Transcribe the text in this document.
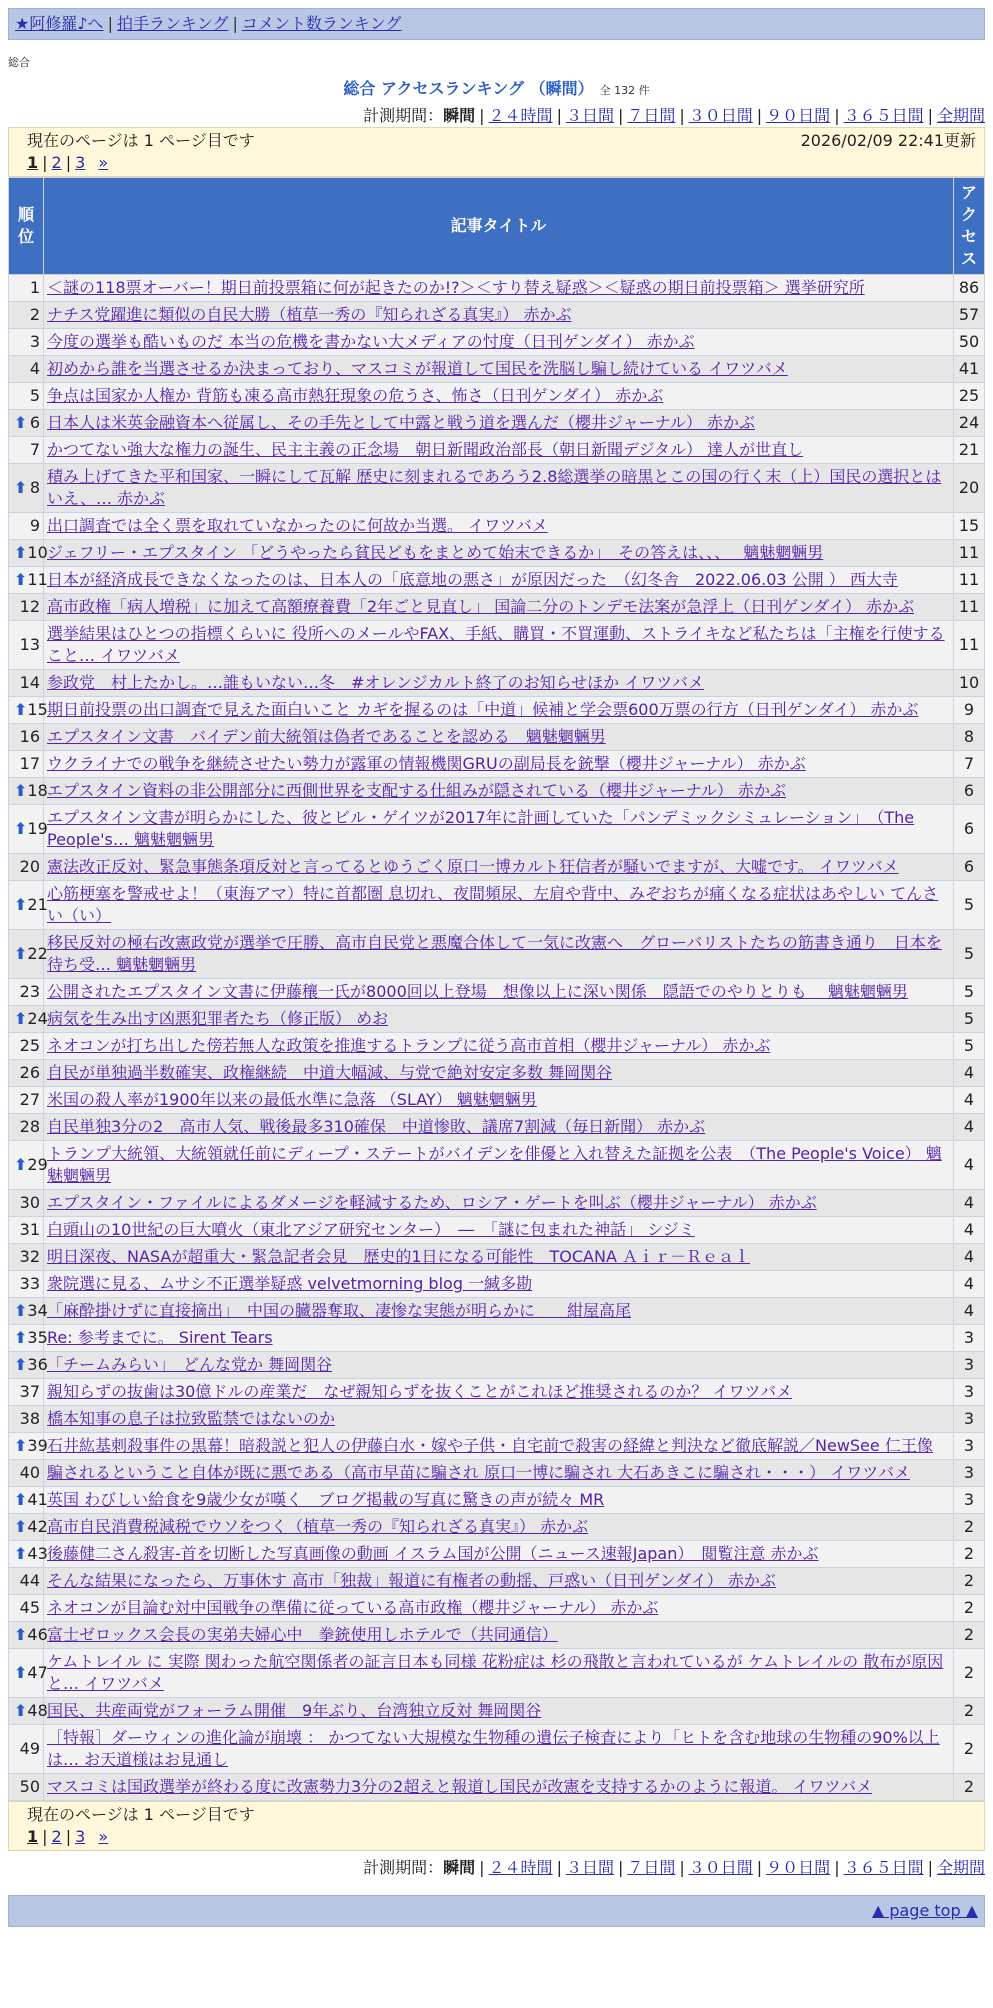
★阿修羅♪へ | 拍手ランキング | コメント数ランキング
総合
総合 アクセスランキング （瞬間） 全 132 件
計測期間：瞬間 | ２４時間 | ３日間 | ７日間 | ３０日間 | ９０日間 | ３６５日間 | 全期間
現在のページは 1 ページ目です	2026/02/09 22:41更新
1 | 2 | 3 »
順位	記事タイトル	アクセス
1	＜謎の118票オーバー！期日前投票箱に何が起きたのか!?＞＜すり替え疑惑＞＜疑惑の期日前投票箱＞ 選挙研究所	86
2	ナチス党躍進に類似の自民大勝（植草一秀の『知られざる真実』） 赤かぶ	57
3	今度の選挙も酷いものだ 本当の危機を書かない大メディアの忖度（日刊ゲンダイ） 赤かぶ	50
4	初めから誰を当選させるか決まっており、マスコミが報道して国民を洗脳し騙し続けている イワツバメ	41
5	争点は国家か人権か 背筋も凍る高市熱狂現象の危うさ、怖さ（日刊ゲンダイ） 赤かぶ	25

⬆ 6	日本人は米英金融資本へ従属し、その手先として中露と戦う道を選んだ（櫻井ジャーナル） 赤かぶ	24
7	かつてない強大な権力の誕生、民主主義の正念場　朝日新聞政治部長（朝日新聞デジタル） 達人が世直し	21

⬆ 8	積み上げてきた平和国家、一瞬にして瓦解 歴史に刻まれるであろう2.8総選挙の暗黒とこの国の行く末（上）国民の選択とはいえ、… 赤かぶ	20
9	出口調査では全く票を取れていなかったのに何故か当選。 イワツバメ	15

⬆ 10	ジェフリー・エプスタイン 「どうやったら貧民どもをまとめて始末できるか」　その答えは、、、　 魑魅魍魎男	11

⬆ 11	日本が経済成長できなくなったのは、日本人の「底意地の悪さ」が原因だった　（幻冬舎　2022.06.03 公開 ） 西大寺	11
12	高市政権「病人増税」に加えて高額療養費「2年ごと見直し」 国論二分のトンデモ法案が急浮上（日刊ゲンダイ） 赤かぶ	11
13	選挙結果はひとつの指標くらいに 役所へのメールやFAX、手紙、購買・不買運動、ストライキなど私たちは「主権を行使すること… イワツバメ	11
14	参政党　村上たかし。…誰もいない…冬　#オレンジカルト終了のお知らせほか イワツバメ	10

⬆ 15	期日前投票の出口調査で見えた面白いこと カギを握るのは「中道」候補と学会票600万票の行方（日刊ゲンダイ） 赤かぶ	9
16	エプスタイン文書　バイデン前大統領は偽者であることを認める　魑魅魍魎男	8
17	ウクライナでの戦争を継続させたい勢力が露軍の情報機関GRUの副局長を銃撃（櫻井ジャーナル） 赤かぶ	7

⬆ 18	エプスタイン資料の非公開部分に西側世界を支配する仕組みが隠されている（櫻井ジャーナル） 赤かぶ	6

⬆ 19	エプスタイン文書が明らかにした、彼とビル・ゲイツが2017年に計画していた「パンデミックシミュレーション」　（The People's… 魑魅魍魎男	6
20	憲法改正反対、緊急事態条項反対と言ってるとゆうごく原口一博カルト狂信者が騒いでますが、大嘘です。 イワツバメ	6

⬆ 21	心筋梗塞を警戒せよ！（東海アマ）特に首都圏 息切れ、夜間頻尿、左肩や背中、みぞおちが痛くなる症状はあやしい てんさい（い）	5

⬆ 22	移民反対の極右改憲政党が選挙で圧勝、高市自民党と悪魔合体して一気に改憲へ　グローバリストたちの筋書き通り　日本を待ち受… 魑魅魍魎男	5
23	公開されたエプスタイン文書に伊藤穰一氏が8000回以上登場　想像以上に深い関係　隠語でのやりとりも　 魑魅魍魎男	5

⬆ 24	病気を生み出す凶悪犯罪者たち（修正版） めお	5
25	ネオコンが打ち出した傍若無人な政策を推進するトランプに従う高市首相（櫻井ジャーナル） 赤かぶ	5
26	自民が単独過半数確実、政権継続　中道大幅減、与党で絶対安定多数 舞岡関谷	4
27	米国の殺人率が1900年以来の最低水準に急落 （SLAY） 魑魅魍魎男	4
28	自民単独3分の2　高市人気、戦後最多310確保　中道惨敗、議席7割減（毎日新聞） 赤かぶ	4

⬆ 29	トランプ大統領、大統領就任前にディープ・ステートがバイデンを俳優と入れ替えた証拠を公表　（The People's Voice） 魑魅魍魎男	4
30	エプスタイン・ファイルによるダメージを軽減するため、ロシア・ゲートを叫ぶ（櫻井ジャーナル） 赤かぶ	4
31	白頭山の10世紀の巨大噴火（東北アジア研究センター）　―　「謎に包まれた神話」 シジミ	4
32	明日深夜、NASAが超重大・緊急記者会見　歴史的1日になる可能性　TOCANA Ａｉｒ－Ｒｅａｌ	4
33	衆院選に見る、ムサシ不正選挙疑惑 velvetmorning blog 一緘多勘	4

⬆ 34	「麻酔掛けずに直接摘出」　中国の臓器奪取、凄惨な実態が明らかに　　紺屋高尾	4

⬆ 35	Re: 参考までに。 Sirent Tears	3

⬆ 36	「チームみらい」　どんな党か 舞岡関谷	3
37	親知らずの抜歯は30億ドルの産業だ　なぜ親知らずを抜くことがこれほど推奨されるのか？ イワツバメ	3
38	橋本知事の息子は拉致監禁ではないのか	3

⬆ 39	石井紘基刺殺事件の黒幕！暗殺説と犯人の伊藤白水・嫁や子供・自宅前で殺害の経緯と判決など徹底解説／NewSee 仁王像	3
40	騙されるということ自体が既に悪である（高市早苗に騙され 原口一博に騙され 大石あきこに騙され・・・） イワツバメ	3

⬆ 41	英国 わびしい給食を9歳少女が嘆く　ブログ掲載の写真に驚きの声が続々 MR	3

⬆ 42	高市自民消費税減税でウソをつく（植草一秀の『知られざる真実』） 赤かぶ	2

⬆ 43	後藤健二さん殺害-首を切断した写真画像の動画 イスラム国が公開（ニュース速報Japan）　閲覧注意 赤かぶ	2
44	そんな結果になったら、万事休す 高市「独裁」報道に有権者の動揺、戸惑い（日刊ゲンダイ） 赤かぶ	2
45	ネオコンが目論む対中国戦争の準備に従っている高市政権（櫻井ジャーナル） 赤かぶ	2

⬆ 46	富士ゼロックス会長の実弟夫婦心中　拳銃使用しホテルで（共同通信）	2

⬆ 47	ケムトレイル に 実際 関わった航空関係者の証言日本も同様 花粉症は 杉の飛散と言われているが ケムトレイルの 散布が原因と… イワツバメ	2

⬆ 48	国民、共産両党がフォーラム開催　9年ぶり、台湾独立反対 舞岡関谷	2
49	［特報］ダーウィンの進化論が崩壊 ： かつてない大規模な生物種の遺伝子検査により「ヒトを含む地球の生物種の90%以上は… お天道様はお見通し	2
50	マスコミは国政選挙が終わる度に改憲勢力3分の2超えと報道し国民が改憲を支持するかのように報道。 イワツバメ	2
現在のページは 1 ページ目です
1 | 2 | 3 »
計測期間：瞬間 | ２４時間 | ３日間 | ７日間 | ３０日間 | ９０日間 | ３６５日間 | 全期間
▲ page top ▲
